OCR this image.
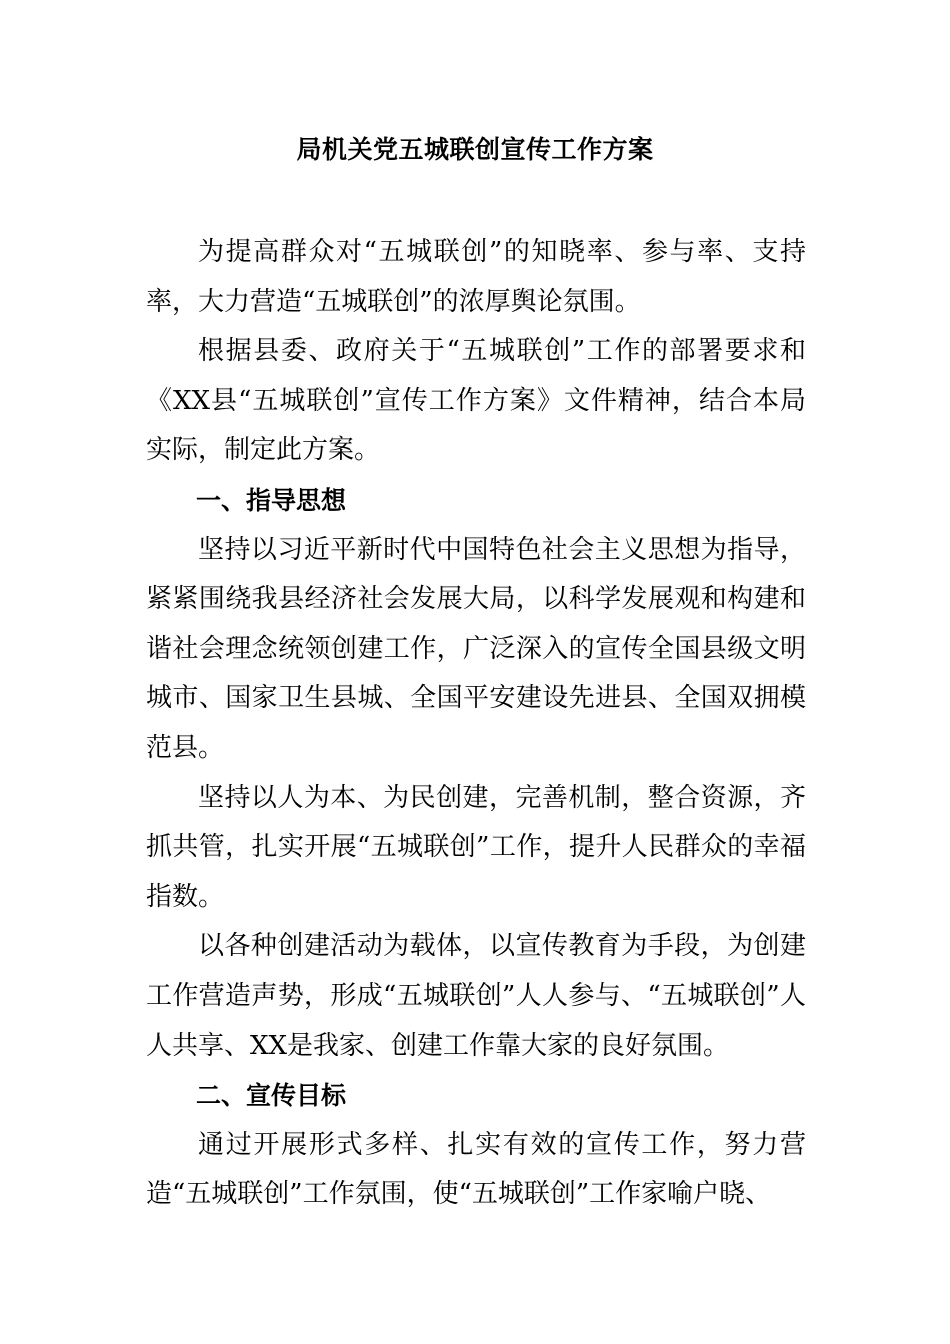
局机关党五城联创宣传工作方案

为提高群众对“五城联创”的知晓率、参与率、支持率，大力营造“五城联创”的浓厚舆论氛围。

根据县委、政府关于“五城联创”工作的部署要求和《XX县“五城联创”宣传工作方案》文件精神，结合本局实际，制定此方案。

一、指导思想

坚持以习近平新时代中国特色社会主义思想为指导，紧紧围绕我县经济社会发展大局，以科学发展观和构建和谐社会理念统领创建工作，广泛深入的宣传全国县级文明城市、国家卫生县城、全国平安建设先进县、全国双拥模范县。

坚持以人为本、为民创建，完善机制，整合资源，齐抓共管，扎实开展“五城联创”工作，提升人民群众的幸福指数。

以各种创建活动为载体，以宣传教育为手段，为创建工作营造声势，形成“五城联创”人人参与、“五城联创”人人共享、XX是我家、创建工作靠大家的良好氛围。

二、宣传目标

通过开展形式多样、扎实有效的宣传工作，努力营造“五城联创”工作氛围，使“五城联创”工作家喻户晓、
